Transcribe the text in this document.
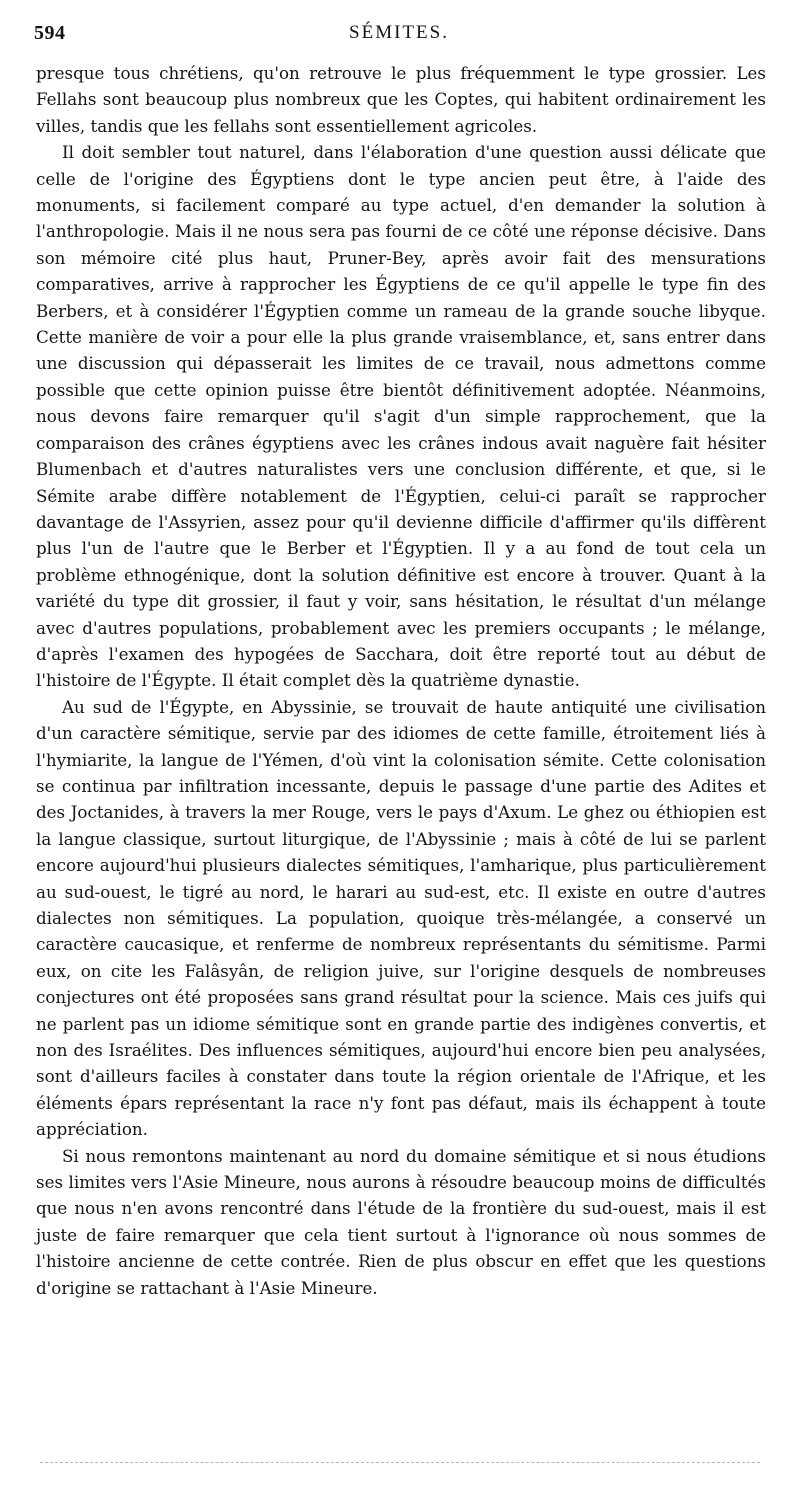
594	SÉMITES.

presque tous chrétiens, qu'on retrouve le plus fréquemment le type grossier. Les Fellahs sont beaucoup plus nombreux que les Coptes, qui habitent ordinairement les villes, tandis que les fellahs sont essentiellement agricoles.

Il doit sembler tout naturel, dans l'élaboration d'une question aussi délicate que celle de l'origine des Égyptiens dont le type ancien peut être, à l'aide des monuments, si facilement comparé au type actuel, d'en demander la solution à l'anthropologie. Mais il ne nous sera pas fourni de ce côté une réponse décisive. Dans son mémoire cité plus haut, Pruner-Bey, après avoir fait des mensurations comparatives, arrive à rapprocher les Égyptiens de ce qu'il appelle le type fin des Berbers, et à considérer l'Égyptien comme un rameau de la grande souche libyque. Cette manière de voir a pour elle la plus grande vraisemblance, et, sans entrer dans une discussion qui dépasserait les limites de ce travail, nous admettons comme possible que cette opinion puisse être bientôt définitivement adoptée. Néanmoins, nous devons faire remarquer qu'il s'agit d'un simple rapprochement, que la comparaison des crânes égyptiens avec les crânes indous avait naguère fait hésiter Blumenbach et d'autres naturalistes vers une conclusion différente, et que, si le Sémite arabe diffère notablement de l'Égyptien, celui-ci paraît se rapprocher davantage de l'Assyrien, assez pour qu'il devienne difficile d'affirmer qu'ils diffèrent plus l'un de l'autre que le Berber et l'Égyptien. Il y a au fond de tout cela un problème ethnogénique, dont la solution définitive est encore à trouver. Quant à la variété du type dit grossier, il faut y voir, sans hésitation, le résultat d'un mélange avec d'autres populations, probablement avec les premiers occupants ; le mélange, d'après l'examen des hypogées de Sacchara, doit être reporté tout au début de l'histoire de l'Égypte. Il était complet dès la quatrième dynastie.

Au sud de l'Égypte, en Abyssinie, se trouvait de haute antiquité une civilisation d'un caractère sémitique, servie par des idiomes de cette famille, étroitement liés à l'hymiarite, la langue de l'Yémen, d'où vint la colonisation sémite. Cette colonisation se continua par infiltration incessante, depuis le passage d'une partie des Adites et des Joctanides, à travers la mer Rouge, vers le pays d'Axum. Le ghez ou éthiopien est la langue classique, surtout liturgique, de l'Abyssinie ; mais à côté de lui se parlent encore aujourd'hui plusieurs dialectes sémitiques, l'amharique, plus particulièrement au sud-ouest, le tigré au nord, le harari au sud-est, etc. Il existe en outre d'autres dialectes non sémitiques. La population, quoique très-mélangée, a conservé un caractère caucasique, et renferme de nombreux représentants du sémitisme. Parmi eux, on cite les Falâsyân, de religion juive, sur l'origine desquels de nombreuses conjectures ont été proposées sans grand résultat pour la science. Mais ces juifs qui ne parlent pas un idiome sémitique sont en grande partie des indigènes convertis, et non des Israélites. Des influences sémitiques, aujourd'hui encore bien peu analysées, sont d'ailleurs faciles à constater dans toute la région orientale de l'Afrique, et les éléments épars représentant la race n'y font pas défaut, mais ils échappent à toute appréciation.

Si nous remontons maintenant au nord du domaine sémitique et si nous étudions ses limites vers l'Asie Mineure, nous aurons à résoudre beaucoup moins de difficultés que nous n'en avons rencontré dans l'étude de la frontière du sud-ouest, mais il est juste de faire remarquer que cela tient surtout à l'ignorance où nous sommes de l'histoire ancienne de cette contrée. Rien de plus obscur en effet que les questions d'origine se rattachant à l'Asie Mineure.
